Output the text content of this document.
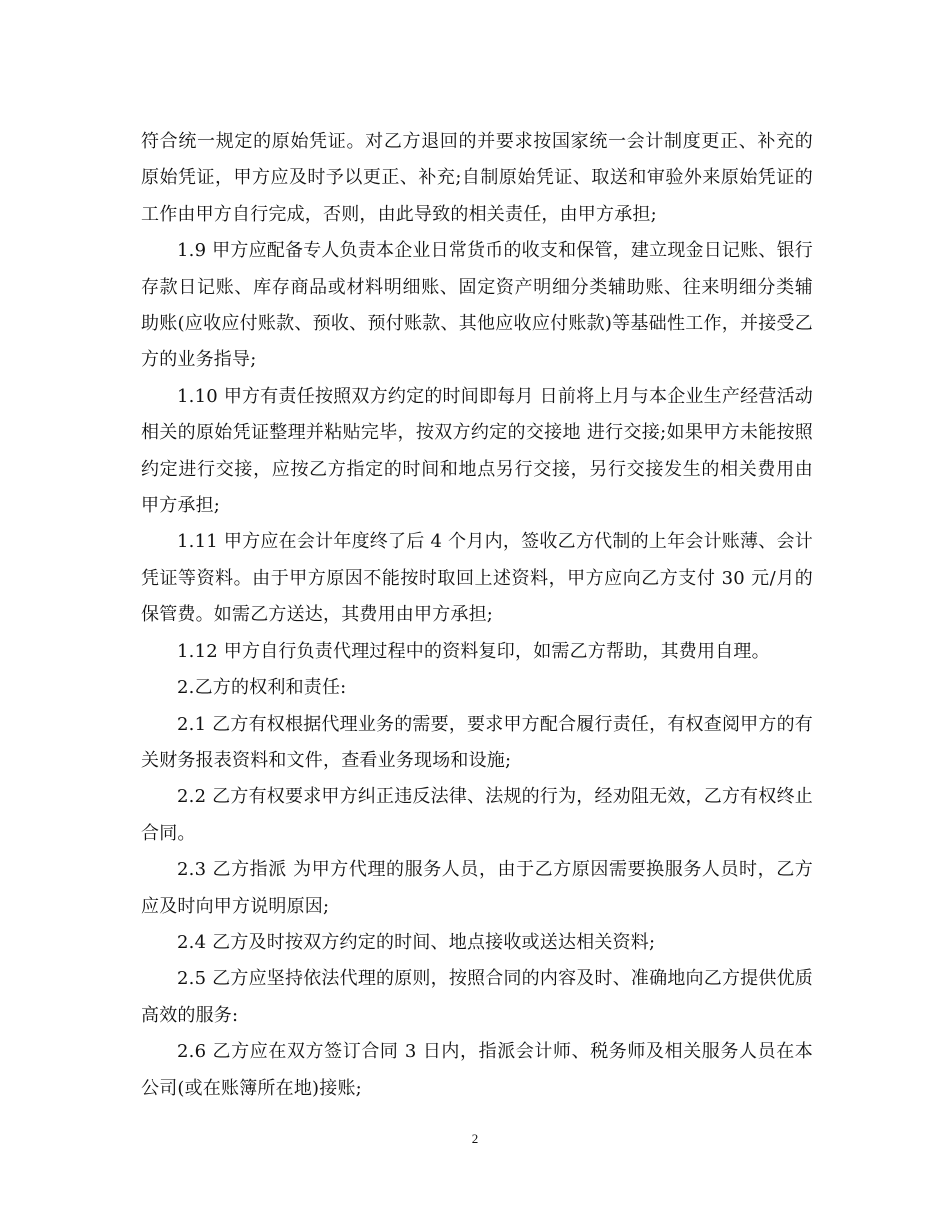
符合统一规定的原始凭证。对乙方退回的并要求按国家统一会计制度更正、补充的原始凭证，甲方应及时予以更正、补充;自制原始凭证、取送和审验外来原始凭证的工作由甲方自行完成，否则，由此导致的相关责任，由甲方承担;

1.9 甲方应配备专人负责本企业日常货币的收支和保管，建立现金日记账、银行存款日记账、库存商品或材料明细账、固定资产明细分类辅助账、往来明细分类辅助账(应收应付账款、预收、预付账款、其他应收应付账款)等基础性工作，并接受乙方的业务指导;

1.10 甲方有责任按照双方约定的时间即每月 日前将上月与本企业生产经营活动相关的原始凭证整理并粘贴完毕，按双方约定的交接地 进行交接;如果甲方未能按照约定进行交接，应按乙方指定的时间和地点另行交接，另行交接发生的相关费用由甲方承担;

1.11 甲方应在会计年度终了后 4 个月内，签收乙方代制的上年会计账薄、会计凭证等资料。由于甲方原因不能按时取回上述资料，甲方应向乙方支付 30 元/月的保管费。如需乙方送达，其费用由甲方承担;

1.12 甲方自行负责代理过程中的资料复印，如需乙方帮助，其费用自理。

2.乙方的权利和责任:

2.1 乙方有权根据代理业务的需要，要求甲方配合履行责任，有权查阅甲方的有关财务报表资料和文件，查看业务现场和设施;

2.2 乙方有权要求甲方纠正违反法律、法规的行为，经劝阻无效，乙方有权终止合同。

2.3 乙方指派 为甲方代理的服务人员，由于乙方原因需要换服务人员时，乙方应及时向甲方说明原因;

2.4 乙方及时按双方约定的时间、地点接收或送达相关资料;

2.5 乙方应坚持依法代理的原则，按照合同的内容及时、准确地向乙方提供优质高效的服务:

2.6 乙方应在双方签订合同 3 日内，指派会计师、税务师及相关服务人员在本公司(或在账簿所在地)接账;

2
